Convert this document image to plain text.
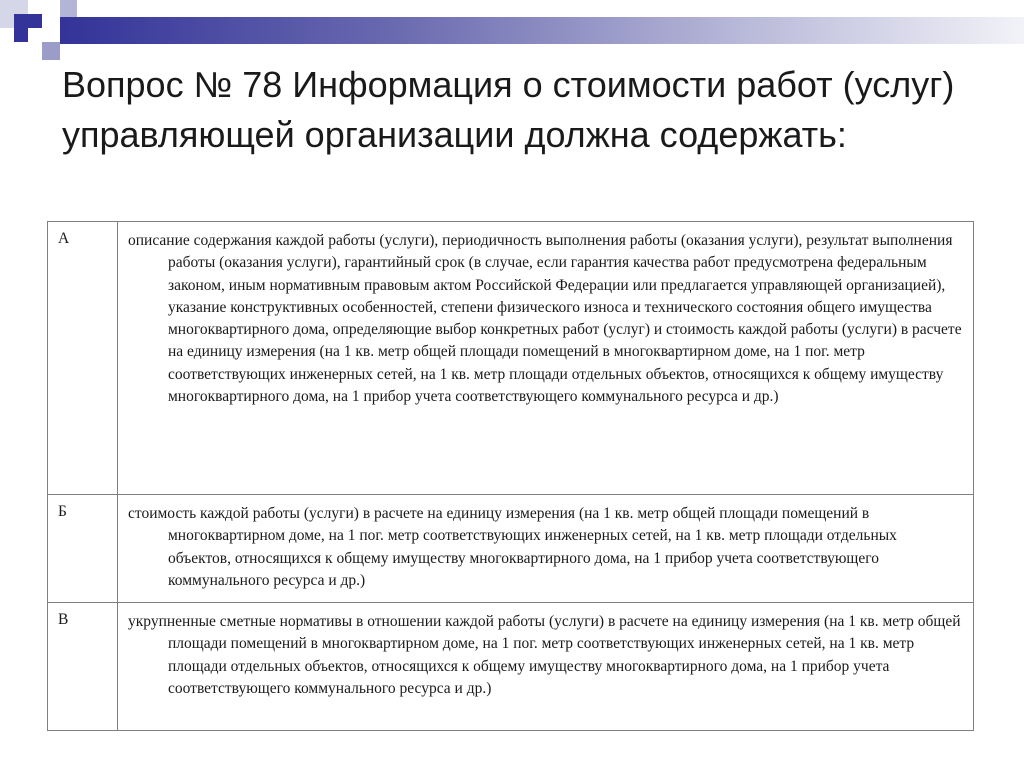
Вопрос № 78 Информация о стоимости работ (услуг) управляющей организации должна содержать:
А	описание содержания каждой работы (услуги), периодичность выполнения работы (оказания услуги), результат выполнения работы (оказания услуги), гарантийный срок (в случае, если гарантия качества работ предусмотрена федеральным законом, иным нормативным правовым актом Российской Федерации или предлагается управляющей организацией), указание конструктивных особенностей, степени физического износа и технического состояния общего имущества многоквартирного дома, определяющие выбор конкретных работ (услуг) и стоимость каждой работы (услуги) в расчете на единицу измерения (на 1 кв. метр общей площади помещений в многоквартирном доме, на 1 пог. метр соответствующих инженерных сетей, на 1 кв. метр площади отдельных объектов, относящихся к общему имуществу многоквартирного дома, на 1 прибор учета соответствующего коммунального ресурса и др.)

Б	стоимость каждой работы (услуги) в расчете на единицу измерения (на 1 кв. метр общей площади помещений в многоквартирном доме, на 1 пог. метр соответствующих инженерных сетей, на 1 кв. метр площади отдельных объектов, относящихся к общему имуществу многоквартирного дома, на 1 прибор учета соответствующего коммунального ресурса и др.)

В	укрупненные сметные нормативы в отношении каждой работы (услуги) в расчете на единицу измерения (на 1 кв. метр общей площади помещений в многоквартирном доме, на 1 пог. метр соответствующих инженерных сетей, на 1 кв. метр площади отдельных объектов, относящихся к общему имуществу многоквартирного дома, на 1 прибор учета соответствующего коммунального ресурса и др.)
